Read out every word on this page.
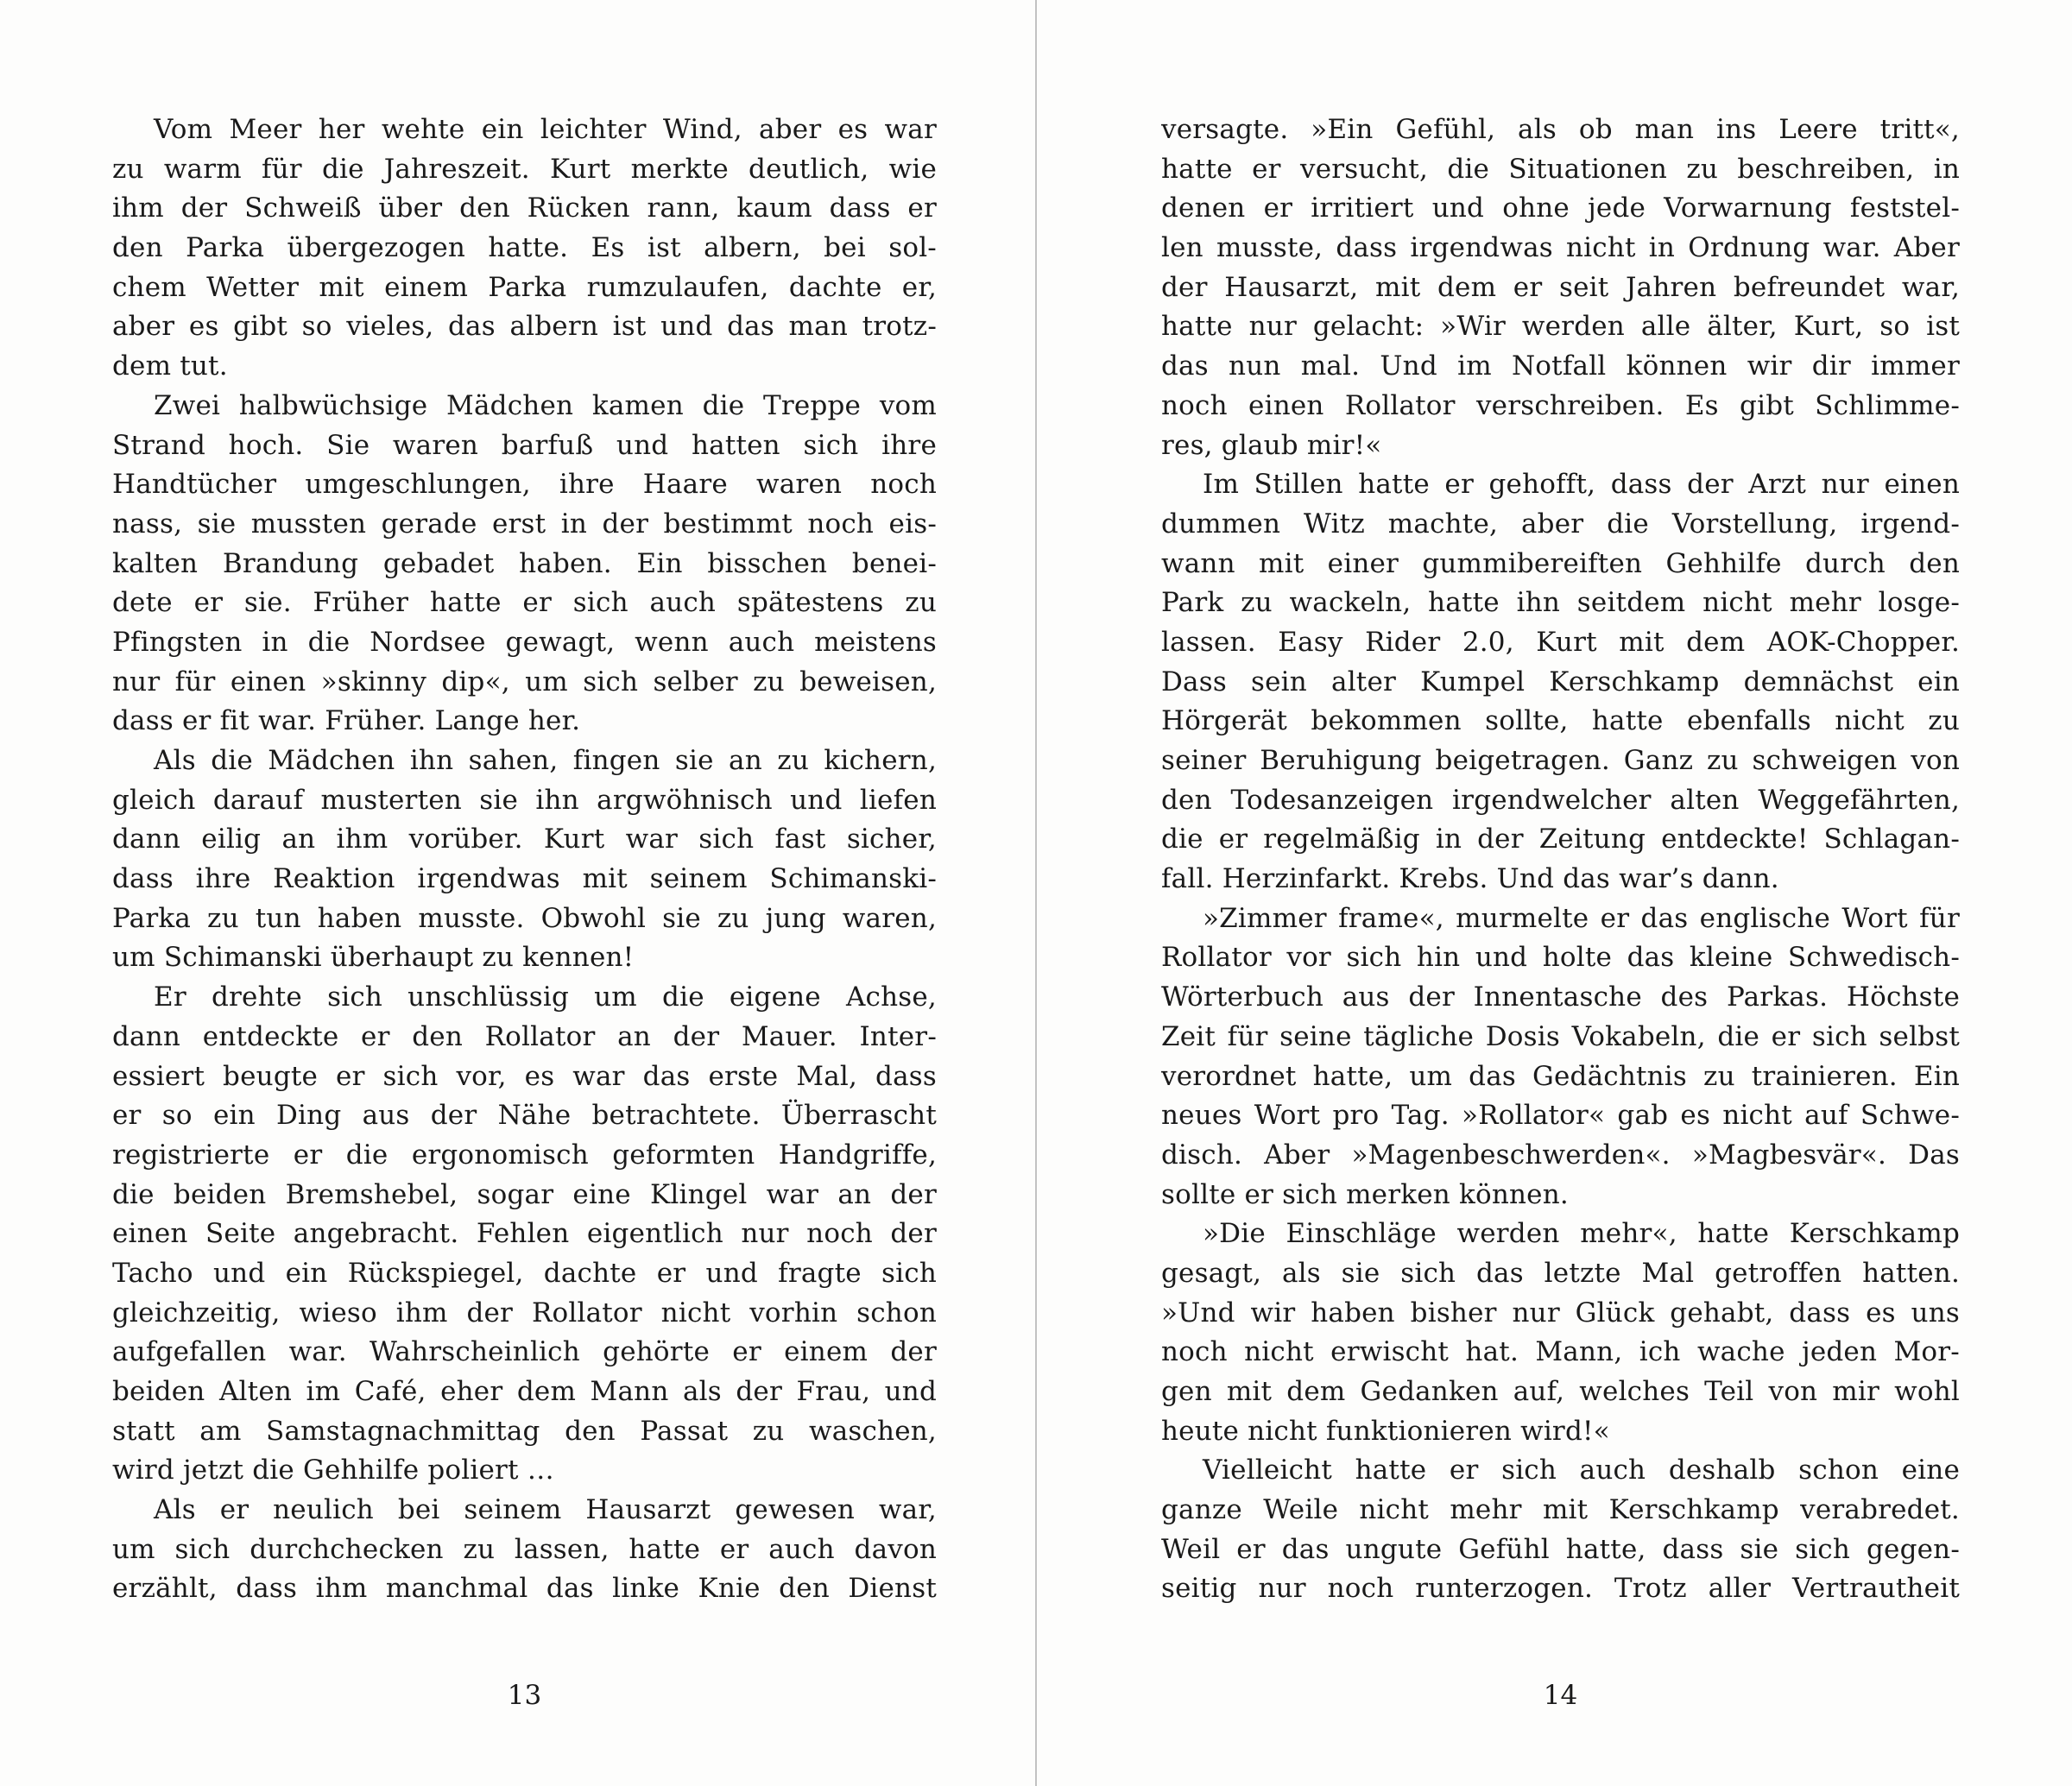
Vom Meer her wehte ein leichter Wind, aber es war
zu warm für die Jahreszeit. Kurt merkte deutlich, wie
ihm der Schweiß über den Rücken rann, kaum dass er
den Parka übergezogen hatte. Es ist albern, bei sol-
chem Wetter mit einem Parka rumzulaufen, dachte er,
aber es gibt so vieles, das albern ist und das man trotz-
dem tut.
Zwei halbwüchsige Mädchen kamen die Treppe vom
Strand hoch. Sie waren barfuß und hatten sich ihre
Handtücher umgeschlungen, ihre Haare waren noch
nass, sie mussten gerade erst in der bestimmt noch eis-
kalten Brandung gebadet haben. Ein bisschen benei-
dete er sie. Früher hatte er sich auch spätestens zu
Pfingsten in die Nordsee gewagt, wenn auch meistens
nur für einen »skinny dip«, um sich selber zu beweisen,
dass er fit war. Früher. Lange her.
Als die Mädchen ihn sahen, fingen sie an zu kichern,
gleich darauf musterten sie ihn argwöhnisch und liefen
dann eilig an ihm vorüber. Kurt war sich fast sicher,
dass ihre Reaktion irgendwas mit seinem Schimanski-
Parka zu tun haben musste. Obwohl sie zu jung waren,
um Schimanski überhaupt zu kennen!
Er drehte sich unschlüssig um die eigene Achse,
dann entdeckte er den Rollator an der Mauer. Inter-
essiert beugte er sich vor, es war das erste Mal, dass
er so ein Ding aus der Nähe betrachtete. Überrascht
registrierte er die ergonomisch geformten Handgriffe,
die beiden Bremshebel, sogar eine Klingel war an der
einen Seite angebracht. Fehlen eigentlich nur noch der
Tacho und ein Rückspiegel, dachte er und fragte sich
gleichzeitig, wieso ihm der Rollator nicht vorhin schon
aufgefallen war. Wahrscheinlich gehörte er einem der
beiden Alten im Café, eher dem Mann als der Frau, und
statt am Samstagnachmittag den Passat zu waschen,
wird jetzt die Gehhilfe poliert …
Als er neulich bei seinem Hausarzt gewesen war,
um sich durchchecken zu lassen, hatte er auch davon
erzählt, dass ihm manchmal das linke Knie den Dienst
13
versagte. »Ein Gefühl, als ob man ins Leere tritt«,
hatte er versucht, die Situationen zu beschreiben, in
denen er irritiert und ohne jede Vorwarnung feststel-
len musste, dass irgendwas nicht in Ordnung war. Aber
der Hausarzt, mit dem er seit Jahren befreundet war,
hatte nur gelacht: »Wir werden alle älter, Kurt, so ist
das nun mal. Und im Notfall können wir dir immer
noch einen Rollator verschreiben. Es gibt Schlimme-
res, glaub mir!«
Im Stillen hatte er gehofft, dass der Arzt nur einen
dummen Witz machte, aber die Vorstellung, irgend-
wann mit einer gummibereiften Gehhilfe durch den
Park zu wackeln, hatte ihn seitdem nicht mehr losge-
lassen. Easy Rider 2.0, Kurt mit dem AOK-Chopper.
Dass sein alter Kumpel Kerschkamp demnächst ein
Hörgerät bekommen sollte, hatte ebenfalls nicht zu
seiner Beruhigung beigetragen. Ganz zu schweigen von
den Todesanzeigen irgendwelcher alten Weggefährten,
die er regelmäßig in der Zeitung entdeckte! Schlagan-
fall. Herzinfarkt. Krebs. Und das war’s dann.
»Zimmer frame«, murmelte er das englische Wort für
Rollator vor sich hin und holte das kleine Schwedisch-
Wörterbuch aus der Innentasche des Parkas. Höchste
Zeit für seine tägliche Dosis Vokabeln, die er sich selbst
verordnet hatte, um das Gedächtnis zu trainieren. Ein
neues Wort pro Tag. »Rollator« gab es nicht auf Schwe-
disch. Aber »Magenbeschwerden«. »Magbesvär«. Das
sollte er sich merken können.
»Die Einschläge werden mehr«, hatte Kerschkamp
gesagt, als sie sich das letzte Mal getroffen hatten.
»Und wir haben bisher nur Glück gehabt, dass es uns
noch nicht erwischt hat. Mann, ich wache jeden Mor-
gen mit dem Gedanken auf, welches Teil von mir wohl
heute nicht funktionieren wird!«
Vielleicht hatte er sich auch deshalb schon eine
ganze Weile nicht mehr mit Kerschkamp verabredet.
Weil er das ungute Gefühl hatte, dass sie sich gegen-
seitig nur noch runterzogen. Trotz aller Vertrautheit
14
